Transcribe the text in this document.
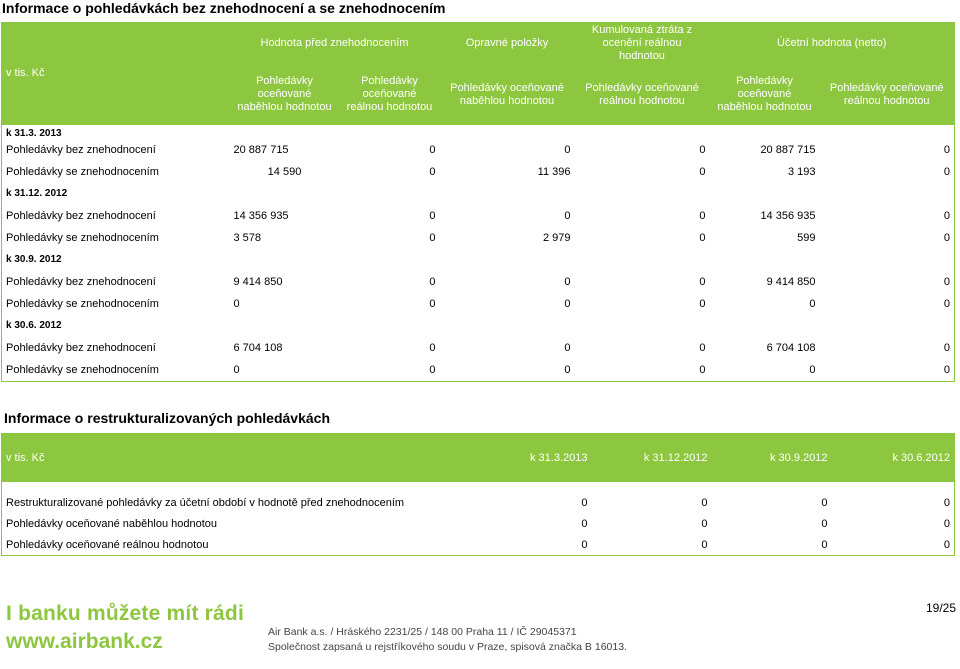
Informace o pohledávkách bez znehodnocení a se znehodnocením
v tis. Kč	Hodnota před znehodnocením		Opravné položky	Kumulovaná ztráta z ocenění reálnou hodnotou	Účetní hodnota (netto)	
	Pohledávky oceňované naběhlou hodnotou	Pohledávky oceňované reálnou hodnotou	Pohledávky oceňované naběhlou hodnotou	Pohledávky oceňované reálnou hodnotou	Pohledávky oceňované naběhlou hodnotou	Pohledávky oceňované reálnou hodnotou
k 31.3. 2013						
Pohledávky bez znehodnocení	20 887 715	0	0	0	20 887 715	0
Pohledávky se znehodnocením	14 590	0	11 396	0	3 193	0
k 31.12. 2012						
Pohledávky bez znehodnocení	14 356 935	0	0	0	14 356 935	0
Pohledávky se znehodnocením	3 578	0	2 979	0	599	0
k 30.9. 2012						
Pohledávky bez znehodnocení	9 414 850	0	0	0	9 414 850	0
Pohledávky se znehodnocením	0	0	0	0	0	0
k 30.6. 2012						
Pohledávky bez znehodnocení	6 704 108	0	0	0	6 704 108	0
Pohledávky se znehodnocením	0	0	0	0	0	0
Informace o restrukturalizovaných pohledávkách
v tis. Kč	k 31.3.2013	k 31.12.2012	k 30.9.2012	k 30.6.2012

Restrukturalizované pohledávky za účetní období v hodnotě před znehodnocením	0	0	0	0
Pohledávky oceňované naběhlou hodnotou	0	0	0	0
Pohledávky oceňované reálnou hodnotou	0	0	0	0
I banku můžete mít rádi
www.airbank.cz	Air Bank a.s. / Hráského 2231/25 / 148 00 Praha 11 / IČ 29045371
Společnost zapsaná u rejstříkového soudu v Praze, spisová značka B 16013.
19/25
